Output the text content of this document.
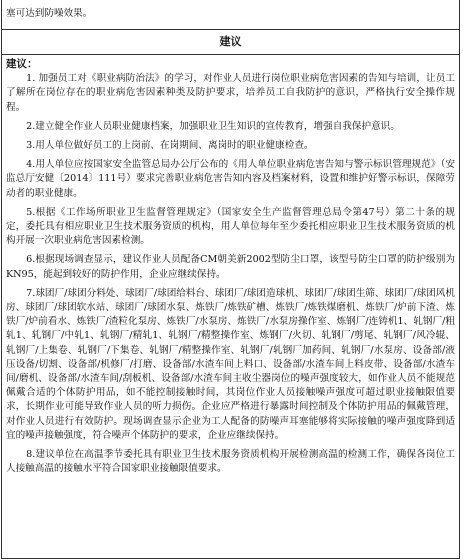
塞可达到防噪效果。
建议
建议：

1. 加强员工对《职业病防治法》的学习，对作业人员进行岗位职业病危害因素的告知与培训，让员工了解所在岗位存在的职业病危害因素种类及防护要求，培养员工自我防护的意识，严格执行安全操作规程。

2.建立健全作业人员职业健康档案，加强职业卫生知识的宣传教育，增强自我保护意识。

3.用人单位做好员工的上岗前、在岗期间、离岗时的职业健康检查。

4.用人单位应按国家安全监管总局办公厅公布的《用人单位职业病危害告知与警示标识管理规范》（安监总厅安健〔2014〕111号）要求完善职业病危害告知内容及档案材料，设置和维护好警示标识，保障劳动者的职业健康。

5.根据《工作场所职业卫生监督管理规定》（国家安全生产监督管理总局令第47号）第二十条的规定，委托具有相应职业卫生技术服务资质的机构，用人单位每年至少委托相应职业卫生技术服务资质的机构开展一次职业病危害因素检测。

6.根据现场调查显示，建议作业人员配备CM朝美新2002型防尘口罩，该型号防尘口罩的防护级别为KN95，能起到较好的防护作用，企业应继续保持。

7.球团厂/球团分料处、球团厂/球团给料台、球团厂/球团造球机、球团厂/球团生筛、球团厂/球团风机房、球团厂/球团软水站、球团厂/球团水泵、炼铁厂/炼铁矿槽、炼铁厂/炼铁煤磨机、炼铁厂/炉前下渣、炼铁厂/炉前看水、炼铁厂/渣粒化泵房、炼铁厂/水泵房、炼铁厂/水泵房操作室、炼钢厂/连铸机1、轧钢厂/粗轧1、轧钢厂/中轧1、轧钢厂/精轧1、轧钢厂/精整操作室、炼钢厂/火切、轧钢厂/剪尾、轧钢厂/风冷辊、轧钢厂/上集卷、轧钢厂/下集卷、轧钢厂/精整操作室、轧钢厂/轧钢厂加药间、轧钢厂/水泵房、设备部/液压设备/切割、设备部/机修厂/打磨、设备部/水渣车间上料口、设备部/水渣车间上料皮带、设备部/水渣车间/磨机、设备部/水渣车间/刮板机、设备部/水渣车间主收尘器岗位的噪声强度较大，如作业人员不能规范佩戴合适的个体防护用品，如不能控制接触时间，其岗位作业人员接触噪声强度可超过职业接触限值要求，长期作业可能导致作业人员的听力损伤。企业应严格进行暴露时间控制及个体防护用品的佩戴管理，对作业人员进行有效防护。现场调查显示企业为工人配备的防噪声耳塞能够将实际接触的噪声强度降到适宜的噪声接触强度，符合噪声个体防护的要求，企业应继续保持。

8.建议单位在高温季节委托具有职业卫生技术服务资质机构开展检测高温的检测工作，确保各岗位工人接触高温的接触水平符合国家职业接触限值要求。
